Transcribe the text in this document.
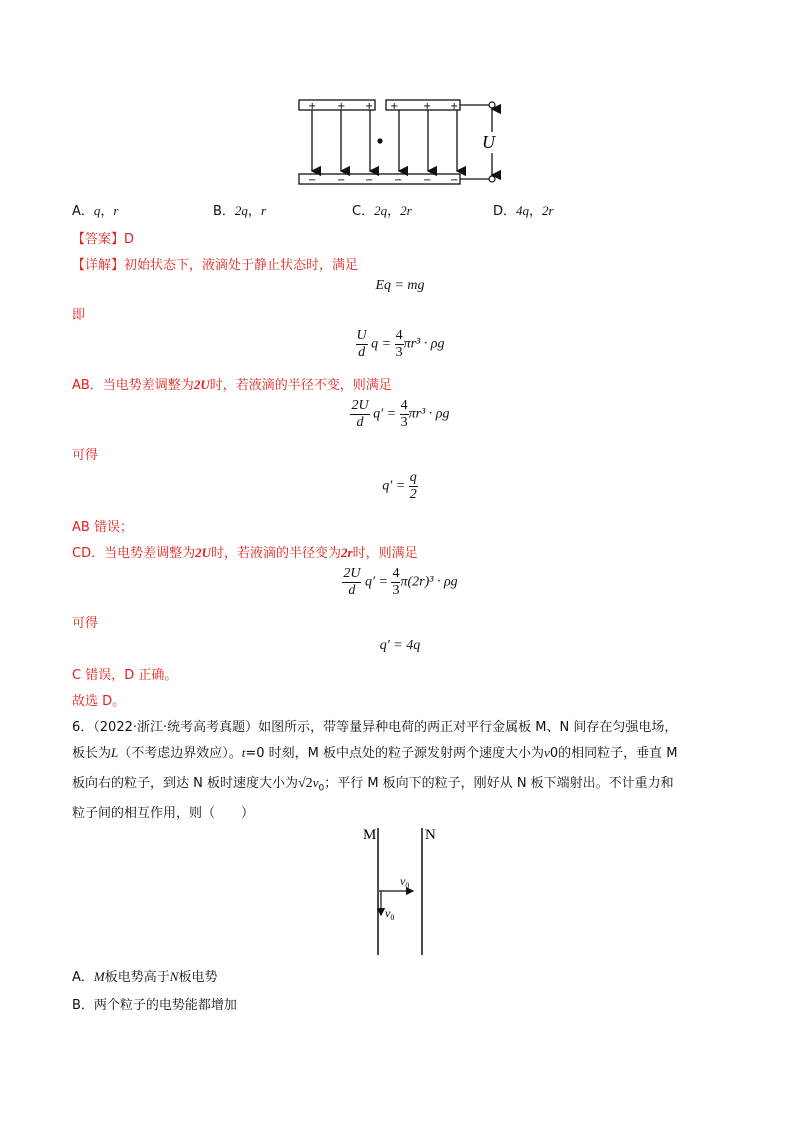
U
+ + + + + +
− − − − − −
A．q，r	B．2q，r	C．2q，2r	D．4q，2r
【答案】D
【详解】初始状态下，液滴处于静止状态时，满足
Eq = mg
即
$\frac{U}{d}$ $q = \frac{4}{3} \pi r^3 \cdot \rho g$
AB．当电势差调整为2U时，若液滴的半径不变，则满足
$\frac{2U}{d} q' = \frac{4}{3} \pi r^3 \cdot \rho g$
可得
$q' = \frac{q}{2}$
AB 错误；
CD．当电势差调整为2U时，若液滴的半径变为2r时，则满足
$\frac{2U}{d} q' = \frac{4}{3} \pi(2r)^3 \cdot \rho g$
可得
q′ = 4q
C 错误，D 正确。
故选 D。
6．（2022·浙江·统考高考真题）如图所示，带等量异种电荷的两正对平行金属板 M、N 间存在匀强电场，
板长为L（不考虑边界效应）。t=0 时刻，M 板中点处的粒子源发射两个速度大小为v0的相同粒子，垂直 M
板向右的粒子，到达 N 板时速度大小为$√2v_0$；平行 M 板向下的粒子，刚好从 N 板下端射出。不计重力和
粒子间的相互作用，则（　　）
M	N
$v_0$
$v_0$
A．M板电势高于N板电势
B．两个粒子的电势能都增加
